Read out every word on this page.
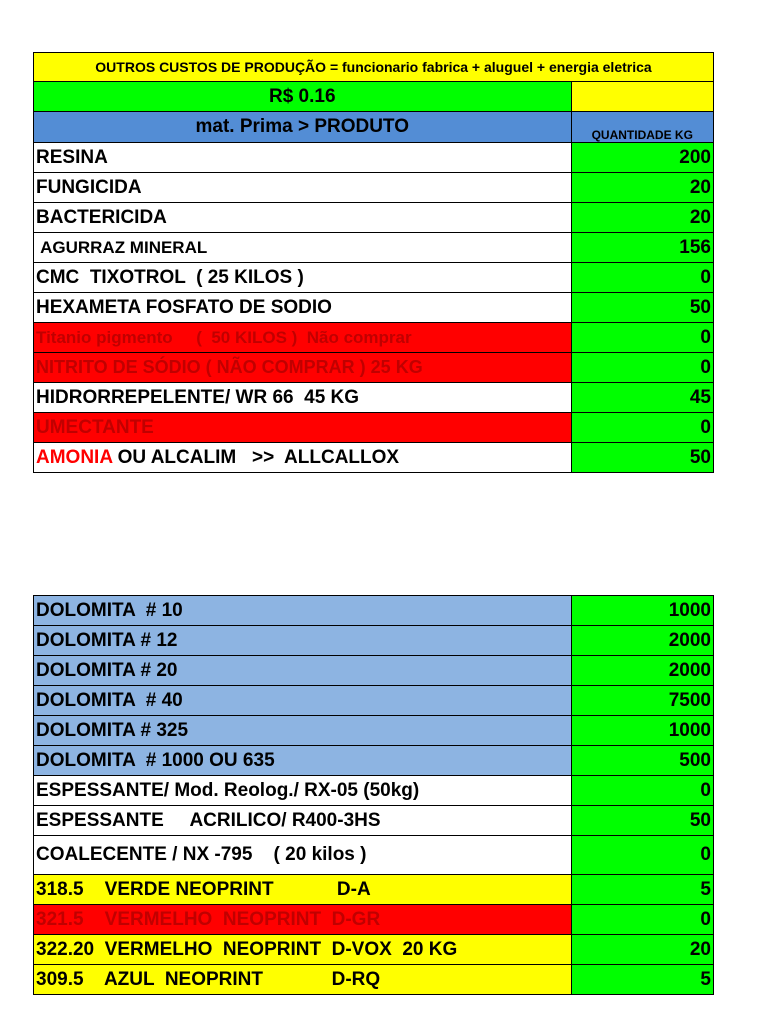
OUTROS CUSTOS DE PRODUÇÃO = funcionario fabrica + aluguel + energia eletrica	
R$ 0.16	
mat. Prima > PRODUTO	QUANTIDADE KG
RESINA	200
FUNGICIDA	20
BACTERICIDA	20
AGURRAZ MINERAL	156
CMC  TIXOTROL  ( 25 KILOS )	0
HEXAMETA FOSFATO DE SODIO	50
Titanio pigmento     (  50 KILOS )  Não comprar	0
NITRITO DE SÓDIO ( NÃO COMPRAR ) 25 KG	0
HIDRORREPELENTE/ WR 66  45 KG	45
UMECTANTE	0
AMONIA OU ALCALIM   >>  ALLCALLOX	50
DOLOMITA  # 10	1000
DOLOMITA # 12	2000
DOLOMITA # 20	2000
DOLOMITA  # 40	7500
DOLOMITA # 325	1000
DOLOMITA  # 1000 OU 635	500
ESPESSANTE/ Mod. Reolog./ RX-05 (50kg)	0
ESPESSANTE     ACRILICO/ R400-3HS	50
COALECENTE / NX -795    ( 20 kilos )	0
318.5    VERDE NEOPRINT            D-A	5
321.5    VERMELHO  NEOPRINT  D-GR	0
322.20  VERMELHO  NEOPRINT  D-VOX  20 KG	20
309.5    AZUL  NEOPRINT             D-RQ	5
